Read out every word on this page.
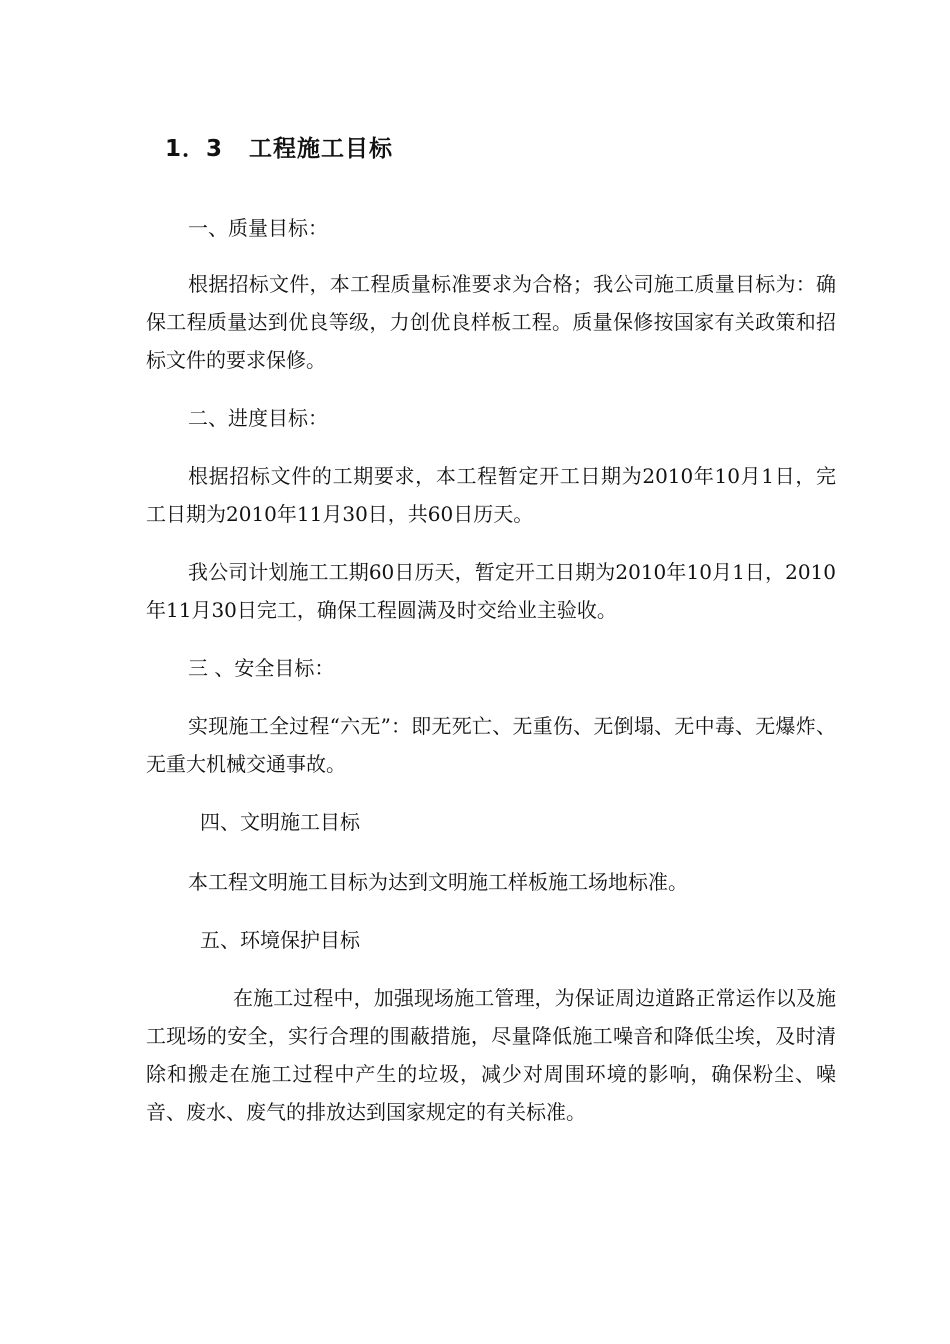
1．3 工程施工目标
一、质量目标：
根据招标文件，本工程质量标准要求为合格；我公司施工质量目标为：确保工程质量达到优良等级，力创优良样板工程。质量保修按国家有关政策和招标文件的要求保修。
二、进度目标：
根据招标文件的工期要求，本工程暂定开工日期为2010年10月1日，完工日期为2010年11月30日，共60日历天。
我公司计划施工工期60日历天，暂定开工日期为2010年10月1日，2010年11月30日完工，确保工程圆满及时交给业主验收。
三 、安全目标：
实现施工全过程“六无”：即无死亡、无重伤、无倒塌、无中毒、无爆炸、无重大机械交通事故。
四、文明施工目标
本工程文明施工目标为达到文明施工样板施工场地标准。
五、环境保护目标
在施工过程中，加强现场施工管理，为保证周边道路正常运作以及施工现场的安全，实行合理的围蔽措施，尽量降低施工噪音和降低尘埃，及时清除和搬走在施工过程中产生的垃圾，减少对周围环境的影响，确保粉尘、噪音、废水、废气的排放达到国家规定的有关标准。
